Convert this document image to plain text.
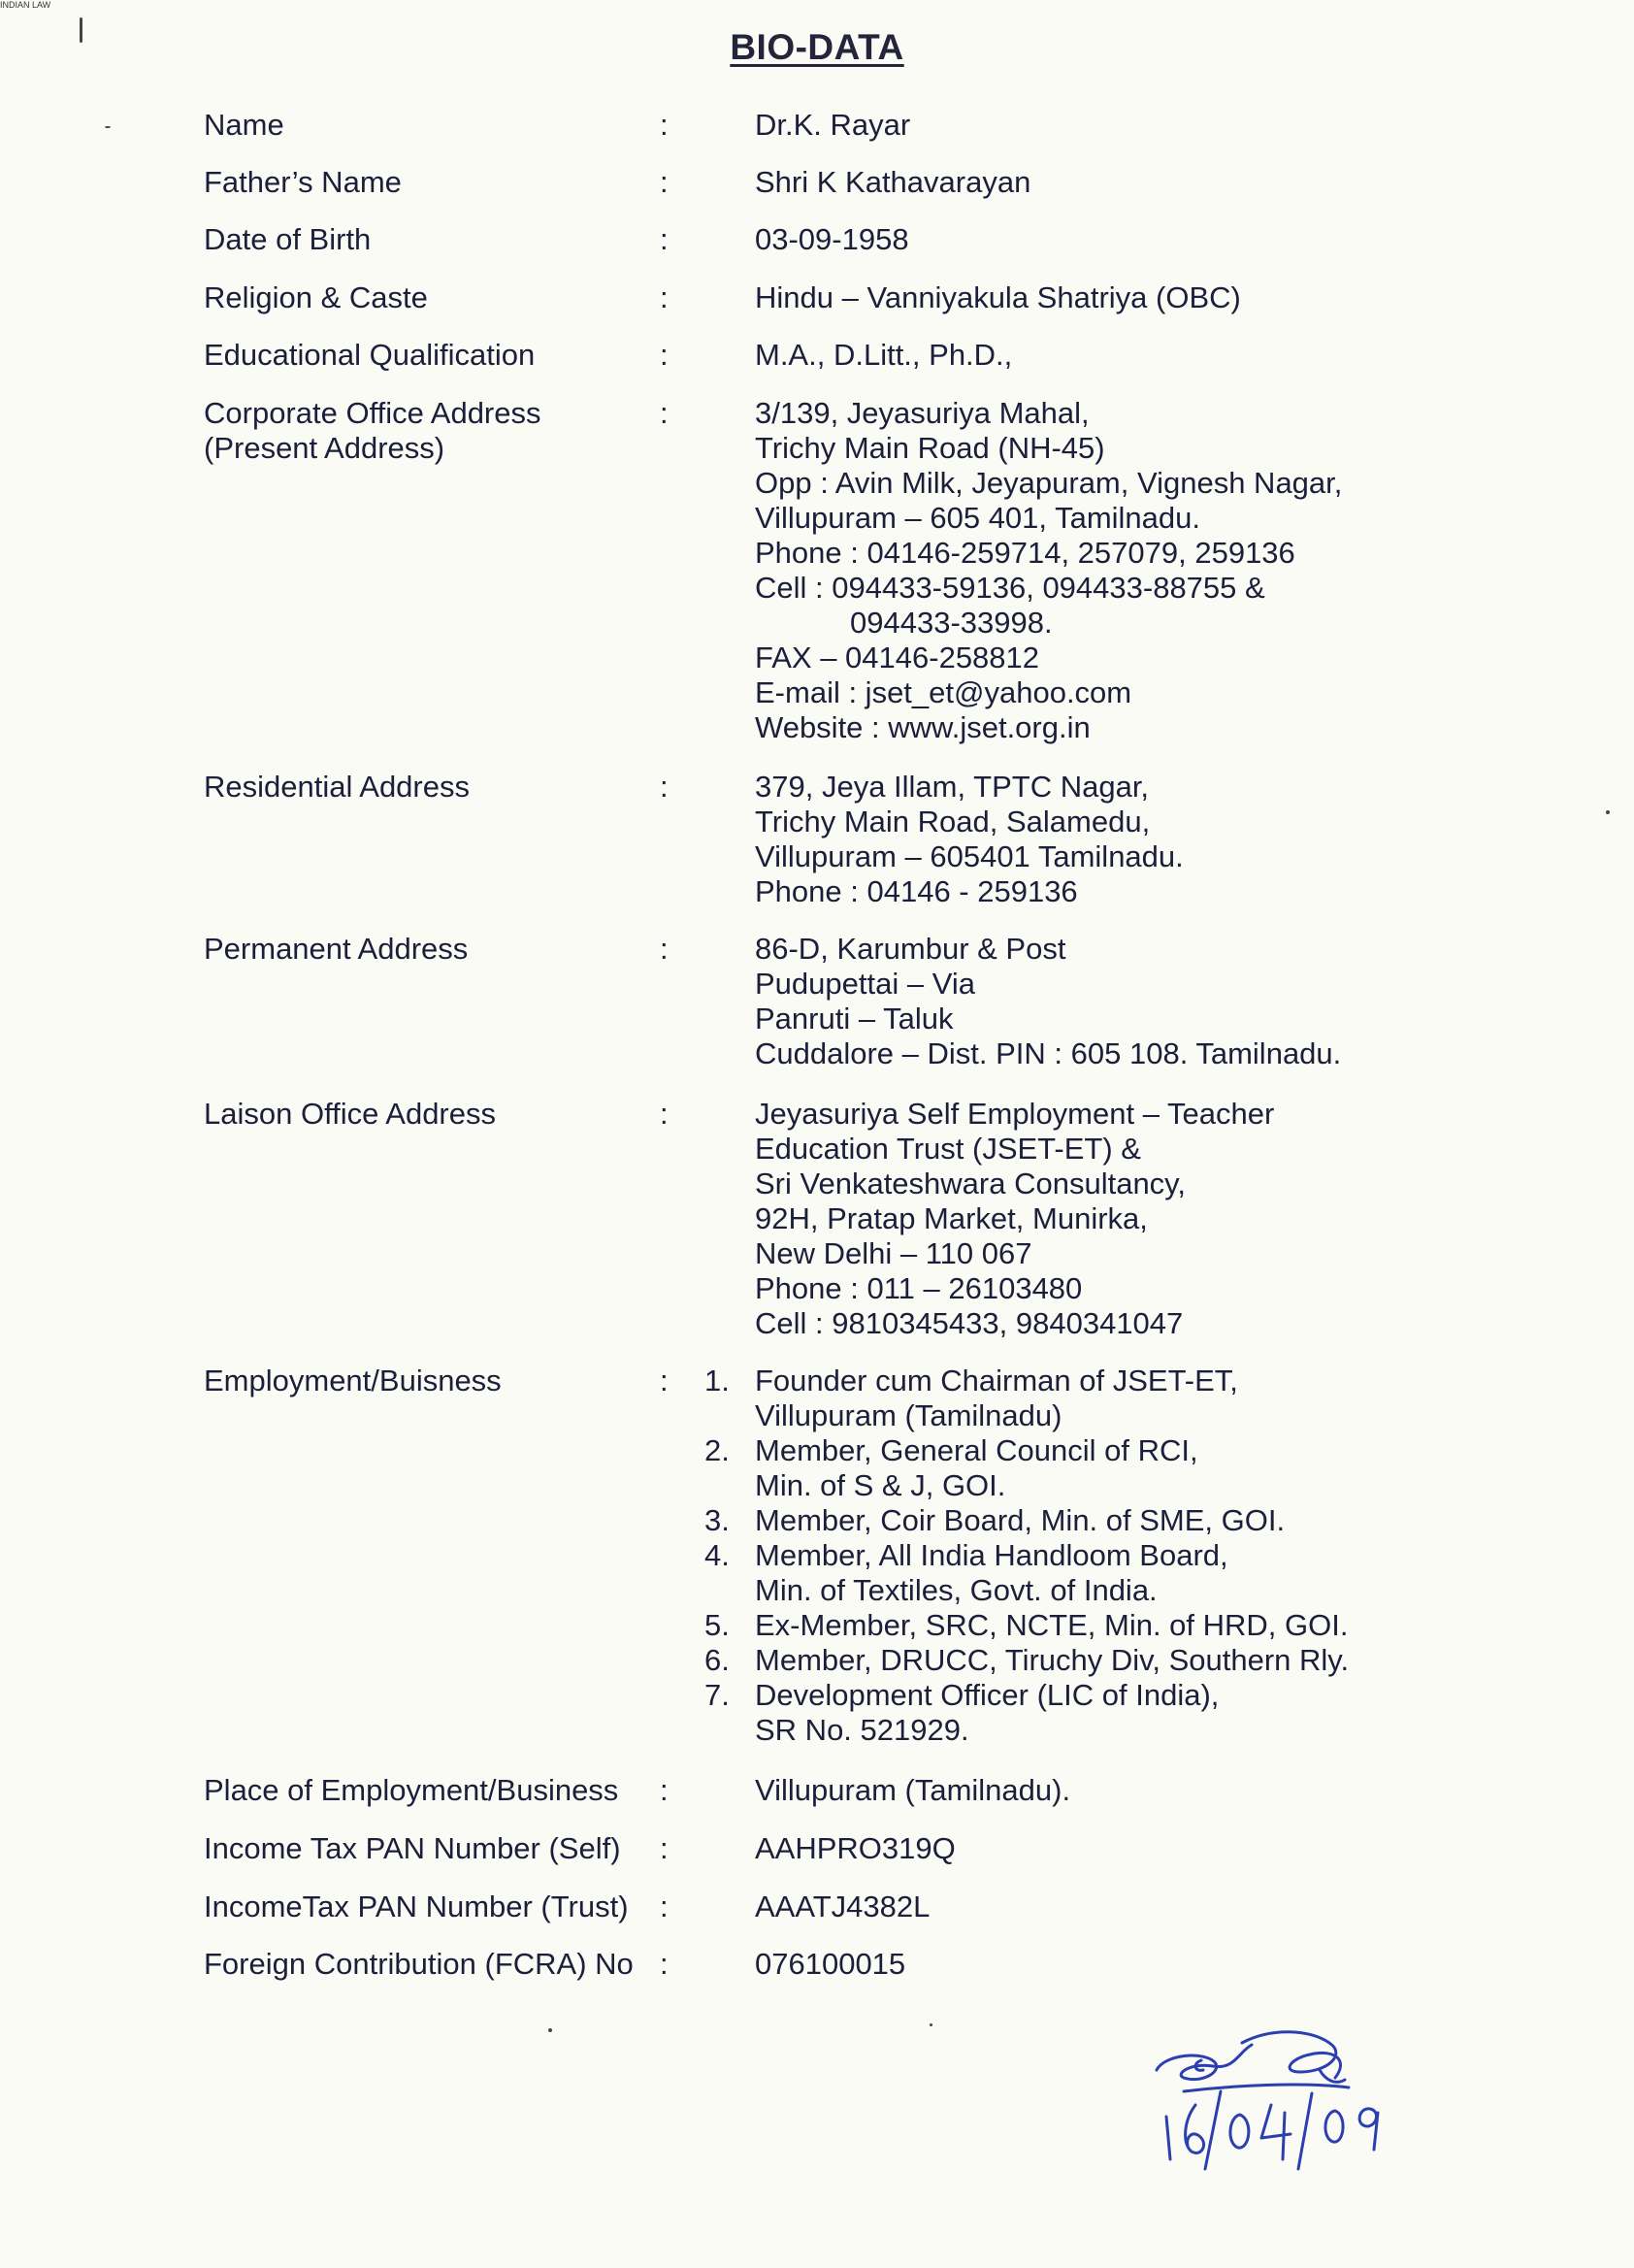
INDIAN LAW
BIO-DATA
Name	:	Dr.K. Rayar
Father’s Name	:	Shri K Kathavarayan
Date of Birth	:	03-09-1958
Religion & Caste	:	Hindu – Vanniyakula Shatriya (OBC)
Educational Qualification	:	M.A., D.Litt., Ph.D.,
Corporate Office Address
(Present Address)
:	3/139, Jeyasuriya Mahal,
Trichy Main Road (NH-45)
Opp : Avin Milk, Jeyapuram, Vignesh Nagar,
Villupuram – 605 401, Tamilnadu.
Phone : 04146-259714, 257079, 259136
Cell : 094433-59136, 094433-88755 &
094433-33998.
FAX – 04146-258812
E-mail : jset_et@yahoo.com
Website : www.jset.org.in
Residential Address	:	379, Jeya Illam, TPTC Nagar,
Trichy Main Road, Salamedu,
Villupuram – 605401 Tamilnadu.
Phone : 04146 - 259136
Permanent Address	:	86-D, Karumbur & Post
Pudupettai – Via
Panruti – Taluk
Cuddalore – Dist. PIN : 605 108. Tamilnadu.
Laison Office Address	:	Jeyasuriya Self Employment – Teacher
Education Trust (JSET-ET) &
Sri Venkateshwara Consultancy,
92H, Pratap Market, Munirka,
New Delhi – 110 067
Phone : 011 – 26103480
Cell : 9810345433, 9840341047
Employment/Buisness	:	1. Founder cum Chairman of JSET-ET,
Villupuram (Tamilnadu)
2. Member, General Council of RCI,
Min. of S & J, GOI.
3. Member, Coir Board, Min. of SME, GOI.
4. Member, All India Handloom Board,
Min. of Textiles, Govt. of India.
5. Ex-Member, SRC, NCTE, Min. of HRD, GOI.
6. Member, DRUCC, Tiruchy Div, Southern Rly.
7. Development Officer (LIC of India),
SR No. 521929.
Place of Employment/Business	:	Villupuram (Tamilnadu).
Income Tax PAN Number (Self)	:	AAHPRO319Q
IncomeTax PAN Number (Trust)	:	AAATJ4382L
Foreign Contribution (FCRA) No :	076100015
